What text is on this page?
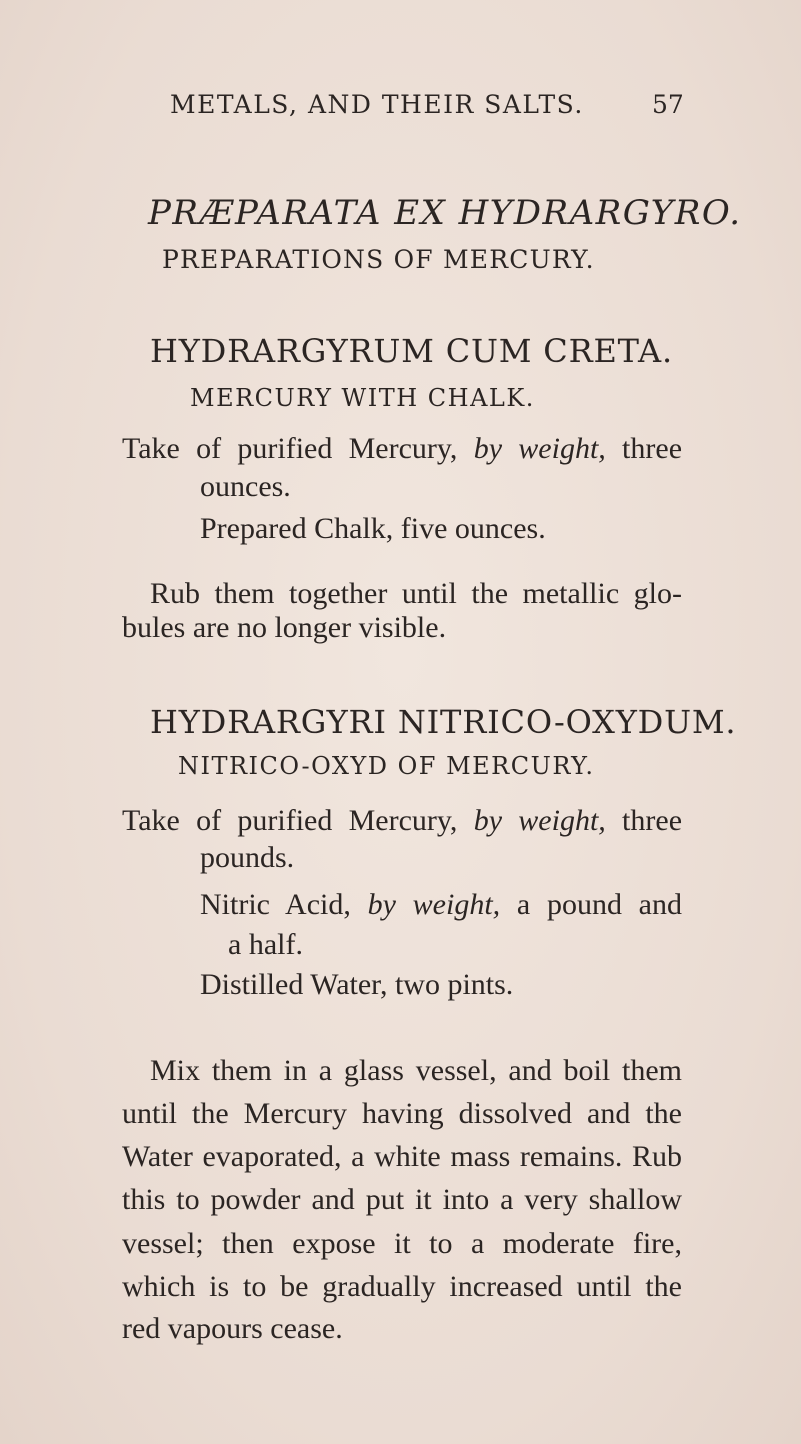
METALS, AND THEIR SALTS.	57
PRÆPARATA EX HYDRARGYRO.
PREPARATIONS OF MERCURY.
HYDRARGYRUM CUM CRETA.
MERCURY WITH CHALK.
Take of purified Mercury, by weight, three
ounces.
Prepared Chalk, five ounces.
Rub them together until the metallic glo-
bules are no longer visible.
HYDRARGYRI NITRICO-OXYDUM.
NITRICO-OXYD OF MERCURY.
Take of purified Mercury, by weight, three
pounds.
Nitric Acid, by weight, a pound and
a half.
Distilled Water, two pints.
Mix them in a glass vessel, and boil them
until the Mercury having dissolved and the
Water evaporated, a white mass remains. Rub
this to powder and put it into a very shallow
vessel; then expose it to a moderate fire,
which is to be gradually increased until the
red vapours cease.
